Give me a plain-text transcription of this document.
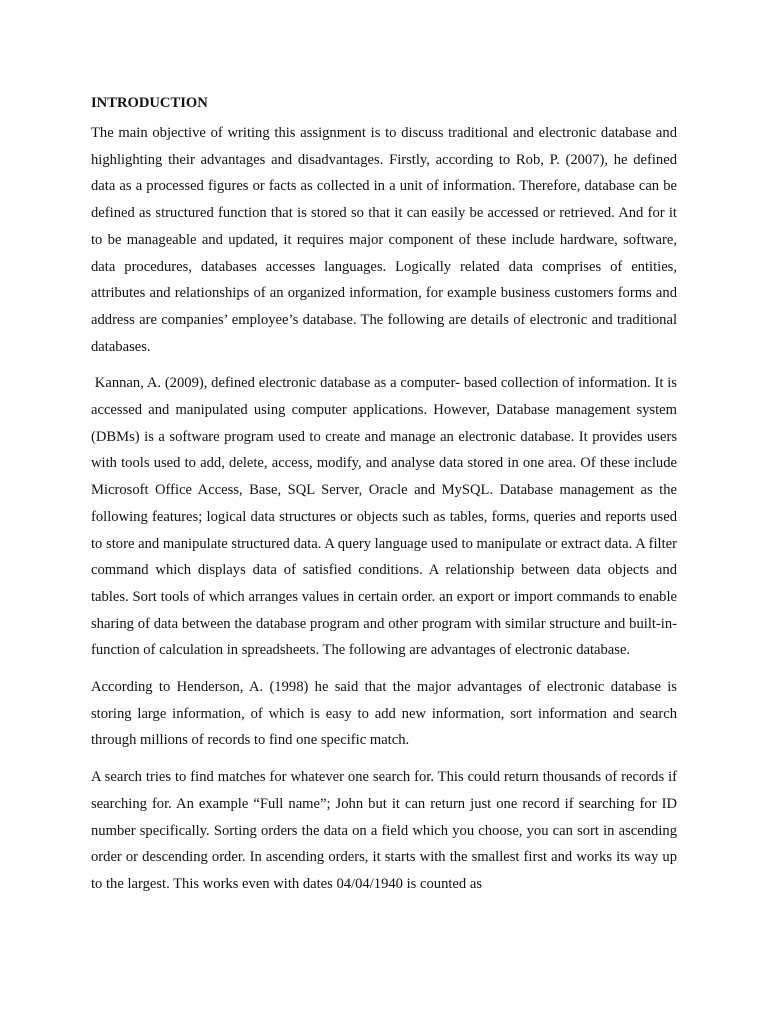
INTRODUCTION

The main objective of writing this assignment is to discuss traditional and electronic database and highlighting their advantages and disadvantages. Firstly, according to Rob, P. (2007), he defined data as a processed figures or facts as collected in a unit of information. Therefore, database can be defined as structured function that is stored so that it can easily be accessed or retrieved. And for it to be manageable and updated, it requires major component of these include hardware, software, data procedures, databases accesses languages. Logically related data comprises of entities, attributes and relationships of an organized information, for example business customers forms and address are companies’ employee’s database. The following are details of electronic and traditional databases.

Kannan, A. (2009), defined electronic database as a computer- based collection of information. It is accessed and manipulated using computer applications. However, Database management system (DBMs) is a software program used to create and manage an electronic database. It provides users with tools used to add, delete, access, modify, and analyse data stored in one area. Of these include Microsoft Office Access, Base, SQL Server, Oracle and MySQL. Database management as the following features; logical data structures or objects such as tables, forms, queries and reports used to store and manipulate structured data. A query language used to manipulate or extract data. A filter command which displays data of satisfied conditions. A relationship between data objects and tables. Sort tools of which arranges values in certain order. an export or import commands to enable sharing of data between the database program and other program with similar structure and built-in-function of calculation in spreadsheets. The following are advantages of electronic database.

According to Henderson, A. (1998) he said that the major advantages of electronic database is storing large information, of which is easy to add new information, sort information and search through millions of records to find one specific match.

A search tries to find matches for whatever one search for. This could return thousands of records if searching for. An example “Full name”; John but it can return just one record if searching for ID number specifically. Sorting orders the data on a field which you choose, you can sort in ascending order or descending order. In ascending orders, it starts with the smallest first and works its way up to the largest. This works even with dates 04/04/1940 is counted as
